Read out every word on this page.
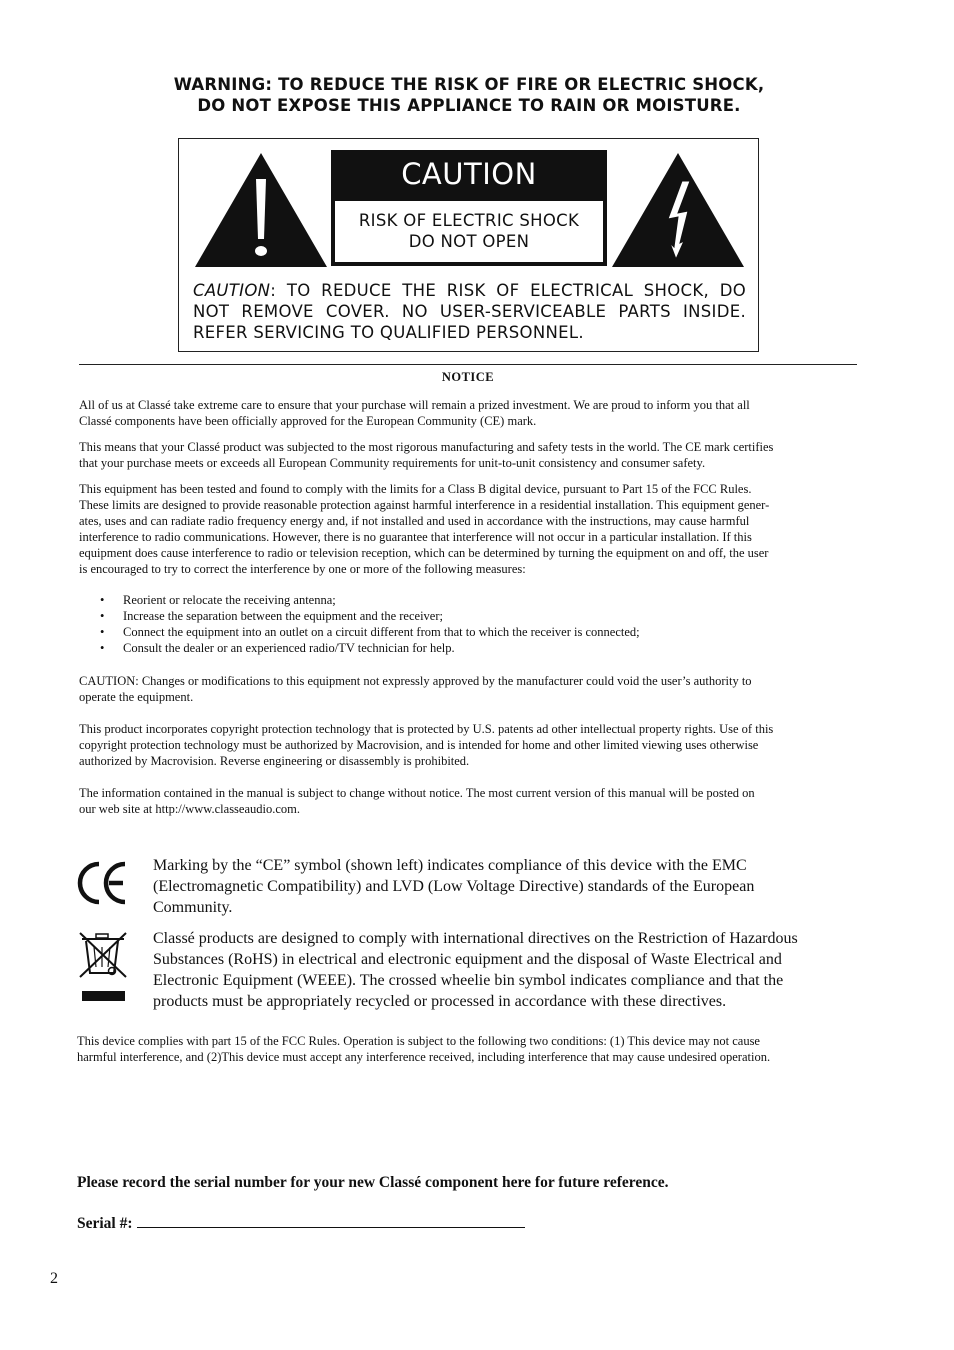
WARNING: TO REDUCE THE RISK OF FIRE OR ELECTRIC SHOCK,
DO NOT EXPOSE THIS APPLIANCE TO RAIN OR MOISTURE.
CAUTION
RISK OF ELECTRIC SHOCK
DO NOT OPEN
CAUTION: TO REDUCE THE RISK OF ELECTRICAL SHOCK, DO
NOT REMOVE COVER. NO USER-SERVICEABLE PARTS INSIDE.
REFER SERVICING TO QUALIFIED PERSONNEL.
NOTICE
All of us at Classé take extreme care to ensure that your purchase will remain a prized investment. We are proud to inform you that all
Classé components have been officially approved for the European Community (CE) mark.
This means that your Classé product was subjected to the most rigorous manufacturing and safety tests in the world. The CE mark certifies
that your purchase meets or exceeds all European Community requirements for unit-to-unit consistency and consumer safety.
This equipment has been tested and found to comply with the limits for a Class B digital device, pursuant to Part 15 of the FCC Rules.
These limits are designed to provide reasonable protection against harmful interference in a residential installation. This equipment gener-
ates, uses and can radiate radio frequency energy and, if not installed and used in accordance with the instructions, may cause harmful
interference to radio communications. However, there is no guarantee that interference will not occur in a particular installation. If this
equipment does cause interference to radio or television reception, which can be determined by turning the equipment on and off, the user
is encouraged to try to correct the interference by one or more of the following measures:
• Reorient or relocate the receiving antenna;
• Increase the separation between the equipment and the receiver;
• Connect the equipment into an outlet on a circuit different from that to which the receiver is connected;
• Consult the dealer or an experienced radio/TV technician for help.
CAUTION: Changes or modifications to this equipment not expressly approved by the manufacturer could void the user’s authority to
operate the equipment.
This product incorporates copyright protection technology that is protected by U.S. patents ad other intellectual property rights. Use of this
copyright protection technology must be authorized by Macrovision, and is intended for home and other limited viewing uses otherwise
authorized by Macrovision. Reverse engineering or disassembly is prohibited.
The information contained in the manual is subject to change without notice. The most current version of this manual will be posted on
our web site at http://www.classeaudio.com.
Marking by the “CE” symbol (shown left) indicates compliance of this device with the EMC
(Electromagnetic Compatibility) and LVD (Low Voltage Directive) standards of the European
Community.
Classé products are designed to comply with international directives on the Restriction of Hazardous
Substances (RoHS) in electrical and electronic equipment and the disposal of Waste Electrical and
Electronic Equipment (WEEE). The crossed wheelie bin symbol indicates compliance and that the
products must be appropriately recycled or processed in accordance with these directives.
This device complies with part 15 of the FCC Rules. Operation is subject to the following two conditions: (1) This device may not cause
harmful interference, and (2)This device must accept any interference received, including interference that may cause undesired operation.
Please record the serial number for your new Classé component here for future reference.
Serial #:
2
